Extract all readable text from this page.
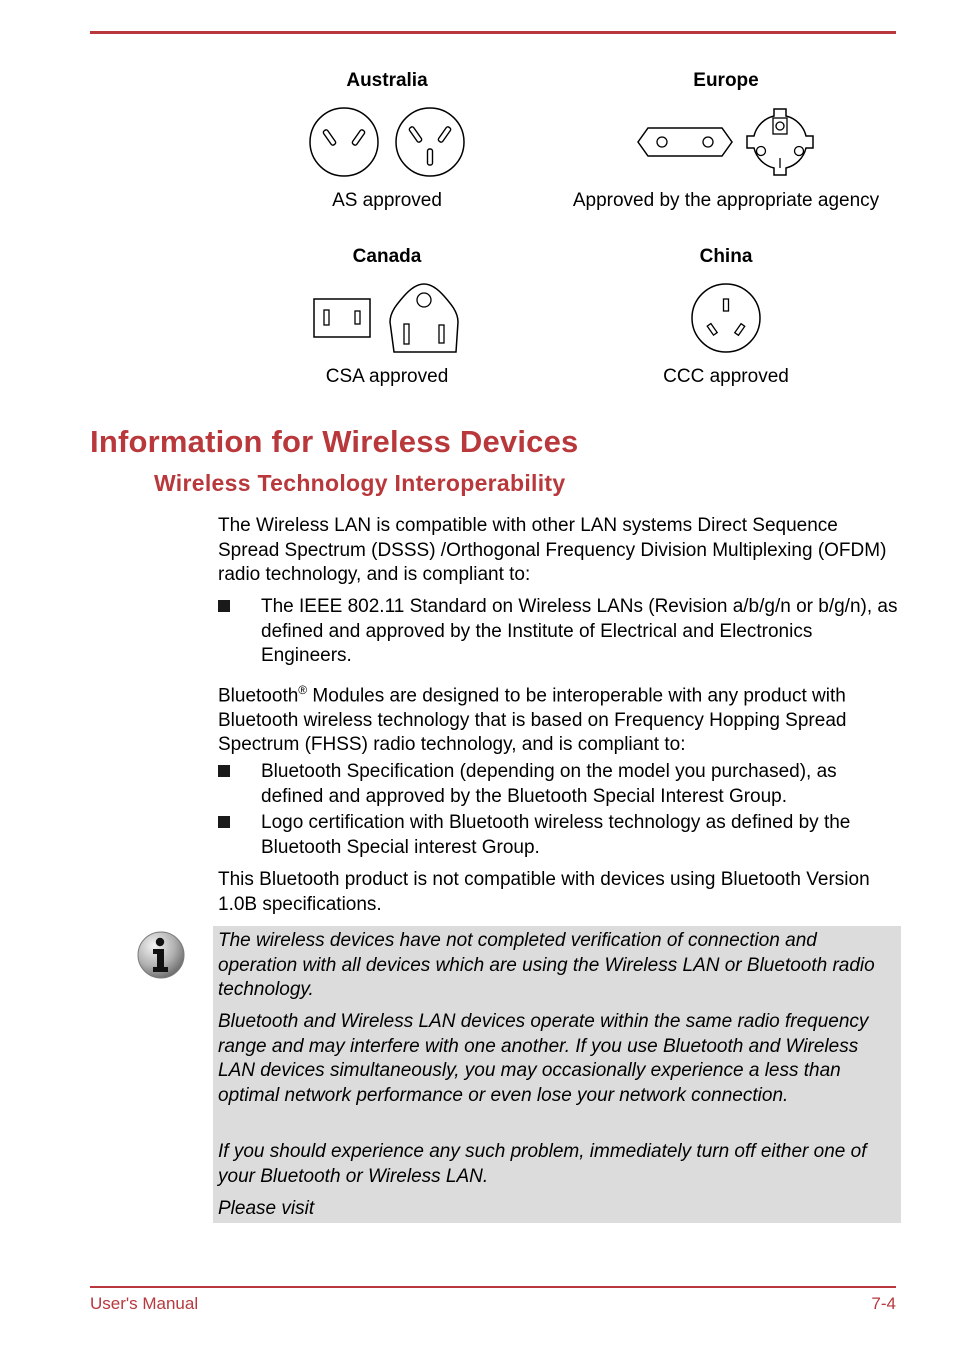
Australia
AS approved
Europe
Approved by the appropriate agency
Canada
CSA approved
China
CCC approved
Information for Wireless Devices
Wireless Technology Interoperability

The Wireless LAN is compatible with other LAN systems Direct Sequence Spread Spectrum (DSSS) /Orthogonal Frequency Division Multiplexing (OFDM) radio technology, and is compliant to:

The IEEE 802.11 Standard on Wireless LANs (Revision a/b/g/n or b/g/n), as defined and approved by the Institute of Electrical and Electronics Engineers.

Bluetooth® Modules are designed to be interoperable with any product with Bluetooth wireless technology that is based on Frequency Hopping Spread Spectrum (FHSS) radio technology, and is compliant to:

Bluetooth Specification (depending on the model you purchased), as defined and approved by the Bluetooth Special Interest Group.
Logo certification with Bluetooth wireless technology as defined by the Bluetooth Special interest Group.

This Bluetooth product is not compatible with devices using Bluetooth Version 1.0B specifications.

The wireless devices have not completed verification of connection and operation with all devices which are using the Wireless LAN or Bluetooth radio technology.
Bluetooth and Wireless LAN devices operate within the same radio frequency range and may interfere with one another. If you use Bluetooth and Wireless LAN devices simultaneously, you may occasionally experience a less than optimal network performance or even lose your network connection.
If you should experience any such problem, immediately turn off either one of your Bluetooth or Wireless LAN.
Please visit
User's Manual	7-4
